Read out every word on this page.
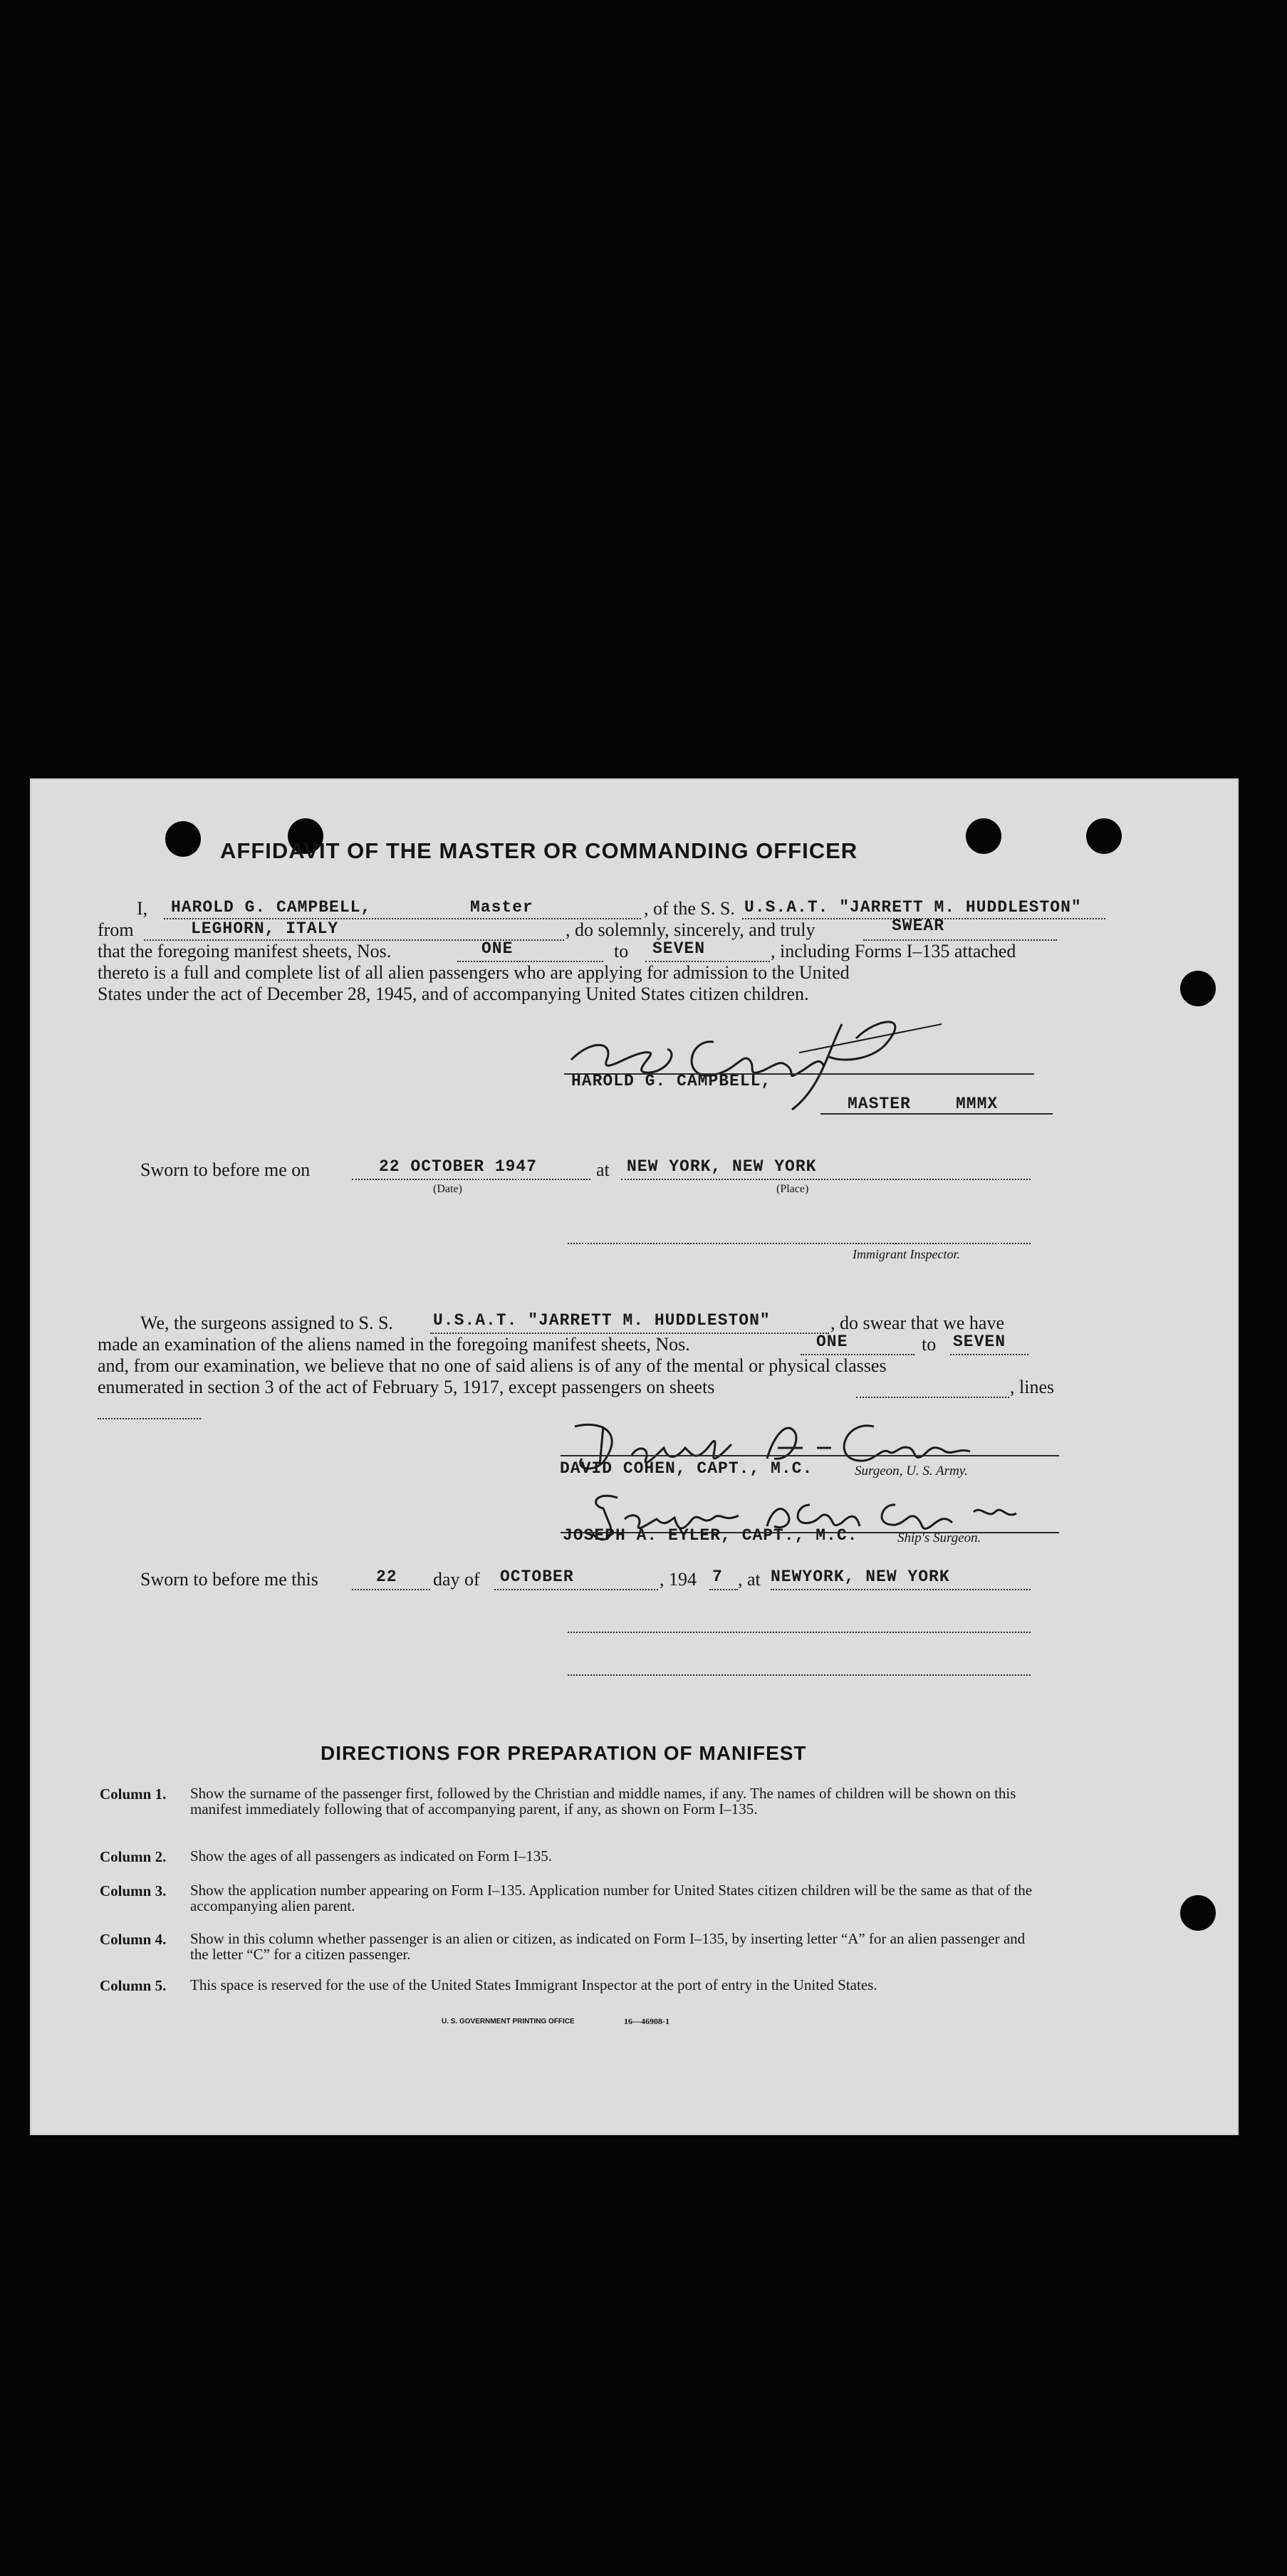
AFFIDAVIT OF THE MASTER OR COMMANDING OFFICER
I, HAROLD G. CAMPBELL,	Master	, of the S. S. U.S.A.T. "JARRETT M. HUDDLESTON"
from	LEGHORN, ITALY	, do solemnly, sincerely, and truly	SWEAR
that the foregoing manifest sheets, Nos.	ONE	to SEVEN	, including Forms I–135 attached
thereto is a full and complete list of all alien passengers who are applying for admission to the United
States under the act of December 28, 1945, and of accompanying United States citizen children.
HAROLD G. CAMPBELL,
MASTER	MMMX
Sworn to before me on	22 OCTOBER 1947
(Date)
at NEW YORK, NEW YORK
(Place)
Immigrant Inspector.
We, the surgeons assigned to S. S. U.S.A.T. "JARRETT M. HUDDLESTON"	, do swear that we have
made an examination of the aliens named in the foregoing manifest sheets, Nos.	ONE	to SEVEN
and, from our examination, we believe that no one of said aliens is of any of the mental or physical classes
enumerated in section 3 of the act of February 5, 1917, except passengers on sheets	, lines
DAVID COHEN, CAPT., M.C.	Surgeon, U. S. Army.
JOSEPH A. EYLER, CAPT., M.C.	Ship's Surgeon.
Sworn to before me this	22 day of OCTOBER	, 194 7 , at NEWYORK, NEW YORK
DIRECTIONS FOR PREPARATION OF MANIFEST
Column 1. Show the surname of the passenger first, followed by the Christian and middle names, if any. The names of children will be shown on this manifest immediately following that of accompanying parent, if any, as shown on Form I–135.
Column 2. Show the ages of all passengers as indicated on Form I–135.
Column 3. Show the application number appearing on Form I–135. Application number for United States citizen children will be the same as that of the accompanying alien parent.
Column 4. Show in this column whether passenger is an alien or citizen, as indicated on Form I–135, by inserting letter “A” for an alien passenger and the letter “C” for a citizen passenger.
Column 5. This space is reserved for the use of the United States Immigrant Inspector at the port of entry in the United States.
U. S. GOVERNMENT PRINTING OFFICE	16—46908-1
